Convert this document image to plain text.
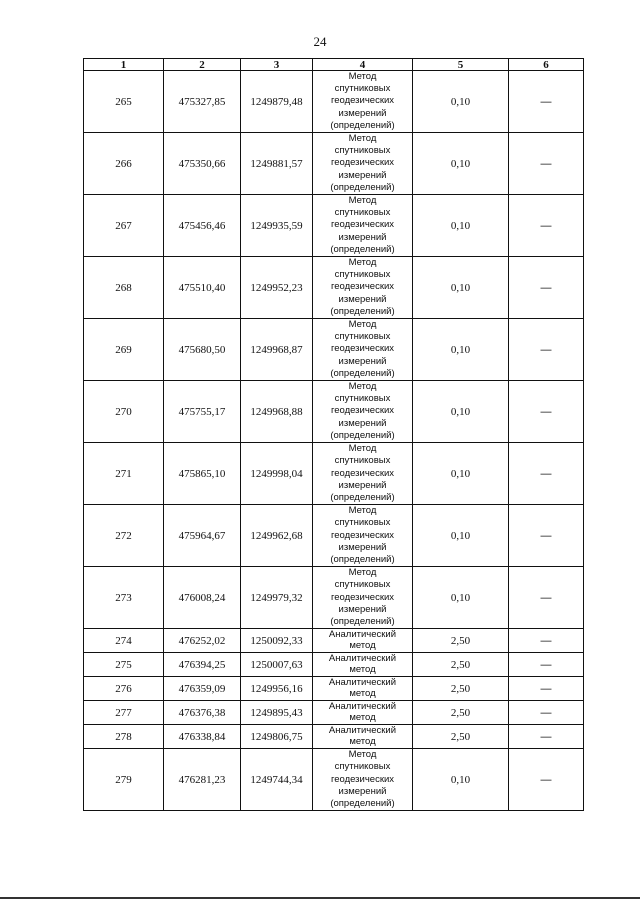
24
1	2	3	4	5	6
265	475327,85	1249879,48	Метод
спутниковых
геодезических
измерений
(определений)	0,10	—
266	475350,66	1249881,57	Метод
спутниковых
геодезических
измерений
(определений)	0,10	—
267	475456,46	1249935,59	Метод
спутниковых
геодезических
измерений
(определений)	0,10	—
268	475510,40	1249952,23	Метод
спутниковых
геодезических
измерений
(определений)	0,10	—
269	475680,50	1249968,87	Метод
спутниковых
геодезических
измерений
(определений)	0,10	—
270	475755,17	1249968,88	Метод
спутниковых
геодезических
измерений
(определений)	0,10	—
271	475865,10	1249998,04	Метод
спутниковых
геодезических
измерений
(определений)	0,10	—
272	475964,67	1249962,68	Метод
спутниковых
геодезических
измерений
(определений)	0,10	—
273	476008,24	1249979,32	Метод
спутниковых
геодезических
измерений
(определений)	0,10	—
274	476252,02	1250092,33	Аналитический
метод	2,50	—
275	476394,25	1250007,63	Аналитический
метод	2,50	—
276	476359,09	1249956,16	Аналитический
метод	2,50	—
277	476376,38	1249895,43	Аналитический
метод	2,50	—
278	476338,84	1249806,75	Аналитический
метод	2,50	—
279	476281,23	1249744,34	Метод
спутниковых
геодезических
измерений
(определений)	0,10	—
